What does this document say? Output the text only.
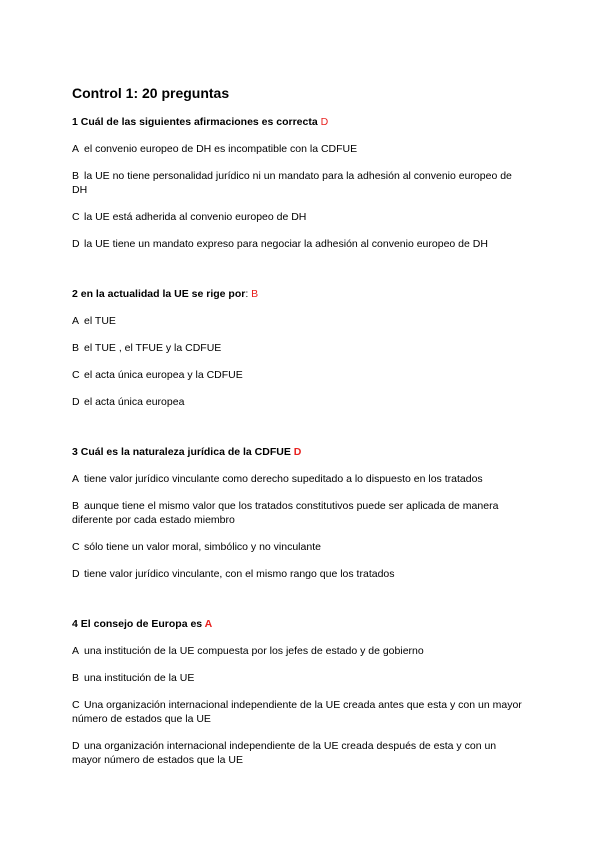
Control 1: 20 preguntas
1 Cuál de las siguientes afirmaciones es correcta D
A el convenio europeo de DH es incompatible con la CDFUE
B la UE no tiene personalidad jurídico ni un mandato para la adhesión al convenio europeo de DH
C la UE está adherida al convenio europeo de DH
D la UE tiene un mandato expreso para negociar la adhesión al convenio europeo de DH
2 en la actualidad la UE se rige por: B
A el TUE
B el TUE , el TFUE y la CDFUE
C el acta única europea y la CDFUE
D el acta única europea
3 Cuál es la naturaleza jurídica de la CDFUE D
A tiene valor jurídico vinculante como derecho supeditado a lo dispuesto en los tratados
B aunque tiene el mismo valor que los tratados constitutivos puede ser aplicada de manera diferente por cada estado miembro
C sólo tiene un valor moral, simbólico y no vinculante
D tiene valor jurídico vinculante, con el mismo rango que los tratados
4 El consejo de Europa es A
A una institución de la UE compuesta por los jefes de estado y de gobierno
B una institución de la UE
C Una organización internacional independiente de la UE creada antes que esta y con un mayor número de estados que la UE
D una organización internacional independiente de la UE creada después de esta y con un mayor número de estados que la UE
